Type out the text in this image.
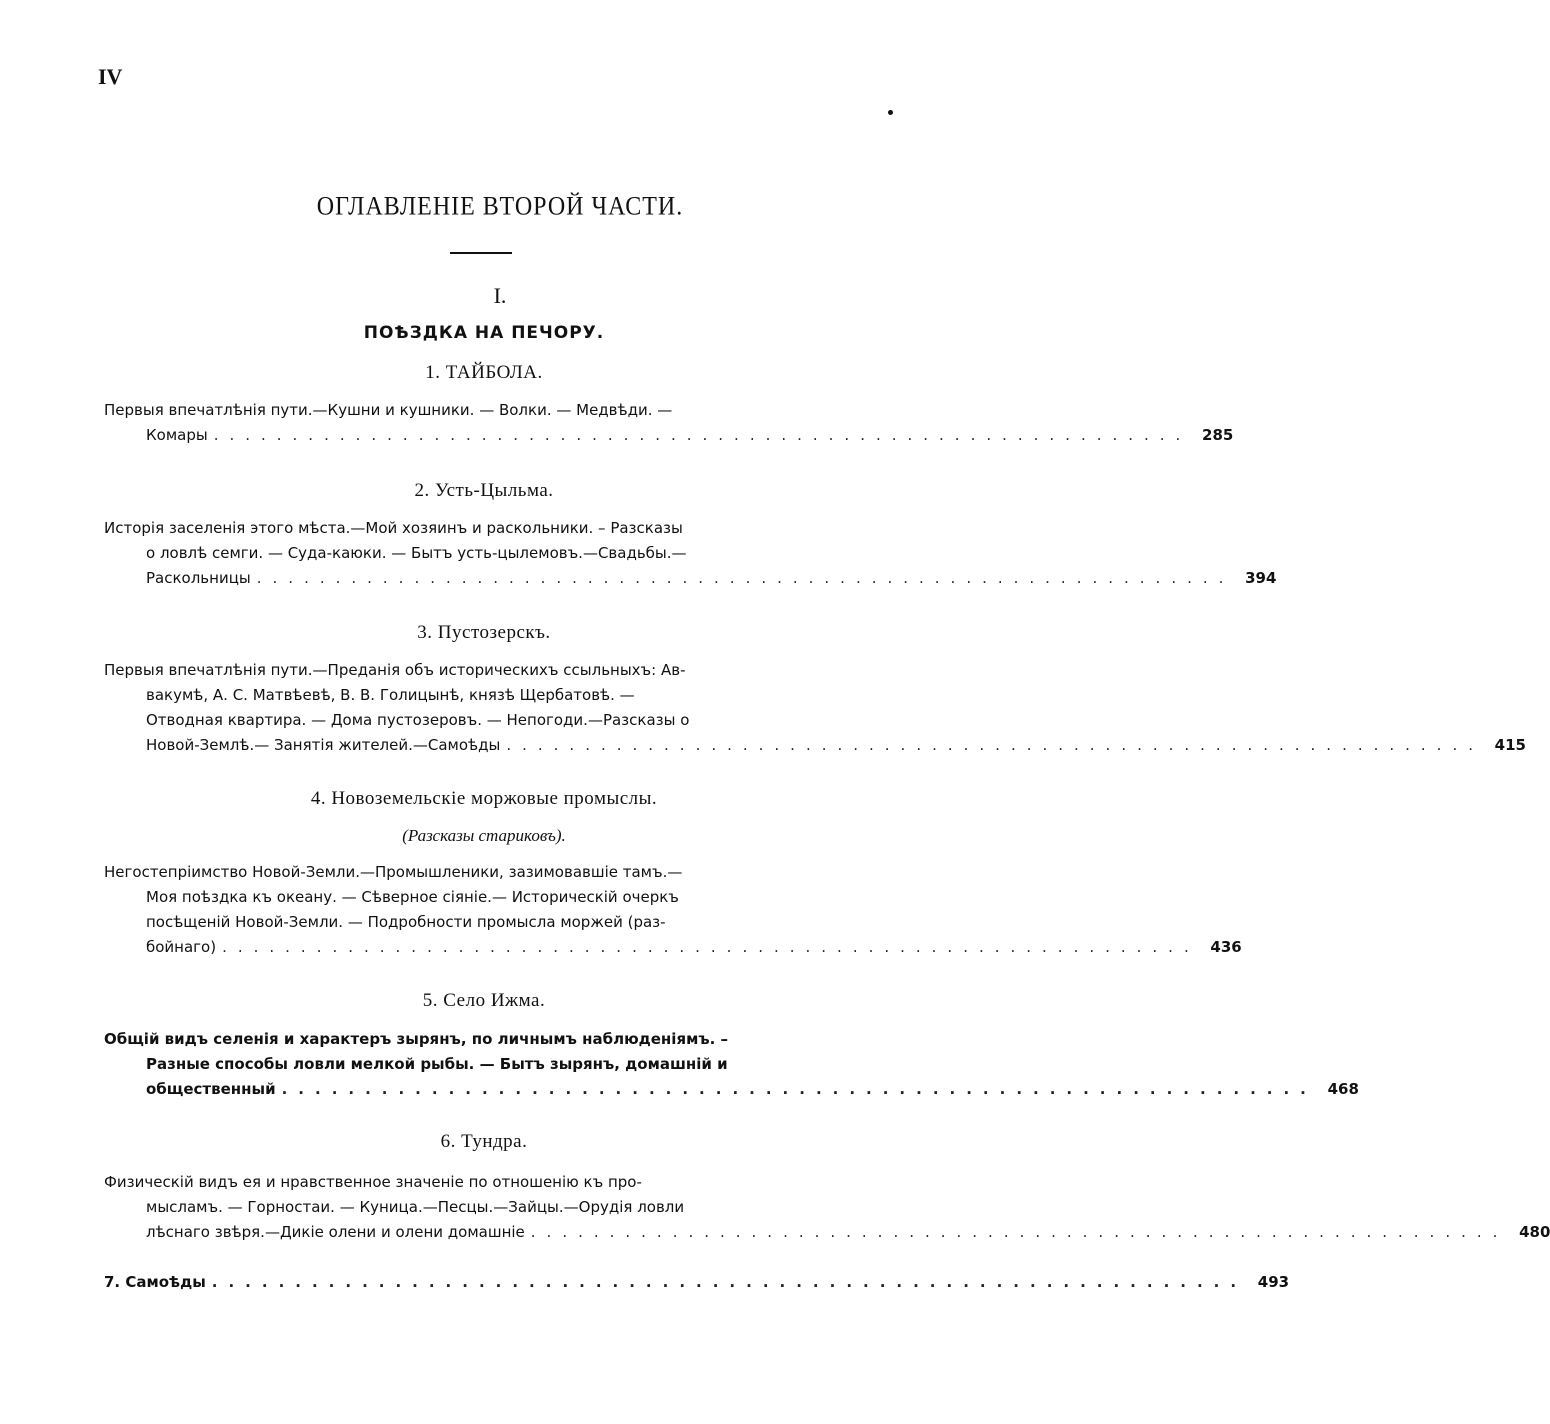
IV
ОГЛАВЛЕНІЕ ВТОРОЙ ЧАСТИ.
I.
ПОѢЗДКА НА ПЕЧОРУ.
1. ТАЙБОЛА.
Первыя впечатлѣнія пути.—Кушни и кушники. — Волки. — Медвѣди. —
Комары .............................................................. 285
2. Усть-Цыльма.
Исторія заселенія этого мѣста.—Мой хозяинъ и раскольники. – Разсказы
о ловлѣ семги. — Суда-каюки. — Бытъ усть-цылемовъ.—Свадьбы.—
Раскольницы .............................................................. 394
3. Пустозерскъ.
Первыя впечатлѣнія пути.—Преданія объ историческихъ ссыльныхъ: Ав-
вакумѣ, А. С. Матвѣевѣ, В. В. Голицынѣ, князѣ Щербатовѣ. —
Отводная квартира. — Дома пустозеровъ. — Непогоди.—Разсказы о
Новой-Землѣ.— Занятія жителей.—Самоѣды .............................................................. 415
4. Новоземельскіе моржовые промыслы.
(Разсказы стариковъ).
Негостепріимство Новой-Земли.—Промышленики, зазимовавшіе тамъ.—
Моя поѣздка къ океану. — Сѣверное сіяніе.— Историческій очеркъ
посѣщеній Новой-Земли. — Подробности промысла моржей (раз-
бойнаго) .............................................................. 436
5. Село Ижма.
Общій видъ селенія и характеръ зырянъ, по личнымъ наблюденіямъ. –
Разные способы ловли мелкой рыбы. — Бытъ зырянъ, домашній и
общественный .............................................................. 468
6. Тундра.
Физическій видъ ея и нравственное значеніе по отношенію къ про-
мысламъ. — Горностаи. — Куница.—Песцы.—Зайцы.—Орудія ловли
лѣснаго звѣря.—Дикіе олени и олени домашніе .............................................................. 480
7. Самоѣды .............................................................. 493
